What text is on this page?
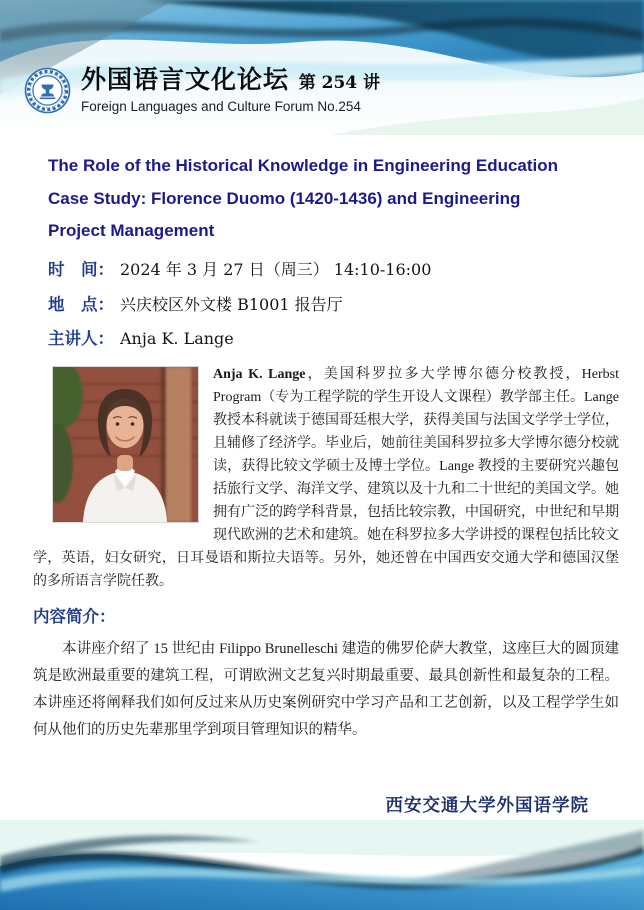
外国语言文化论坛 第 254 讲
Foreign Languages and Culture Forum No.254
The Role of the Historical Knowledge in Engineering Education
Case Study: Florence Duomo (1420-1436) and Engineering
Project Management
时　间： 2024 年 3 月 27 日（周三） 14:10-16:00
地　点： 兴庆校区外文楼 B1001 报告厅
主讲人： Anja K. Lange

Anja K. Lange，美国科罗拉多大学博尔德分校教授，Herbst Program（专为工程学院的学生开设人文课程）教学部主任。Lange 教授本科就读于德国哥廷根大学，获得美国与法国文学学士学位，且辅修了经济学。毕业后，她前往美国科罗拉多大学博尔德分校就读，获得比较文学硕士及博士学位。Lange 教授的主要研究兴趣包括旅行文学、海洋文学、建筑以及十九和二十世纪的美国文学。她拥有广泛的跨学科背景，包括比较宗教，中国研究，中世纪和早期现代欧洲的艺术和建筑。她在科罗拉多大学讲授的课程包括比较文学，英语，妇女研究，日耳曼语和斯拉夫语等。另外，她还曾在中国西安交通大学和德国汉堡的多所语言学院任教。

内容简介：
本讲座介绍了 15 世纪由 Filippo Brunelleschi 建造的佛罗伦萨大教堂，这座巨大的圆顶建筑是欧洲最重要的建筑工程，可谓欧洲文艺复兴时期最重要、最具创新性和最复杂的工程。本讲座还将阐释我们如何反过来从历史案例研究中学习产品和工艺创新，以及工程学学生如何从他们的历史先辈那里学到项目管理知识的精华。
西安交通大学外国语学院
